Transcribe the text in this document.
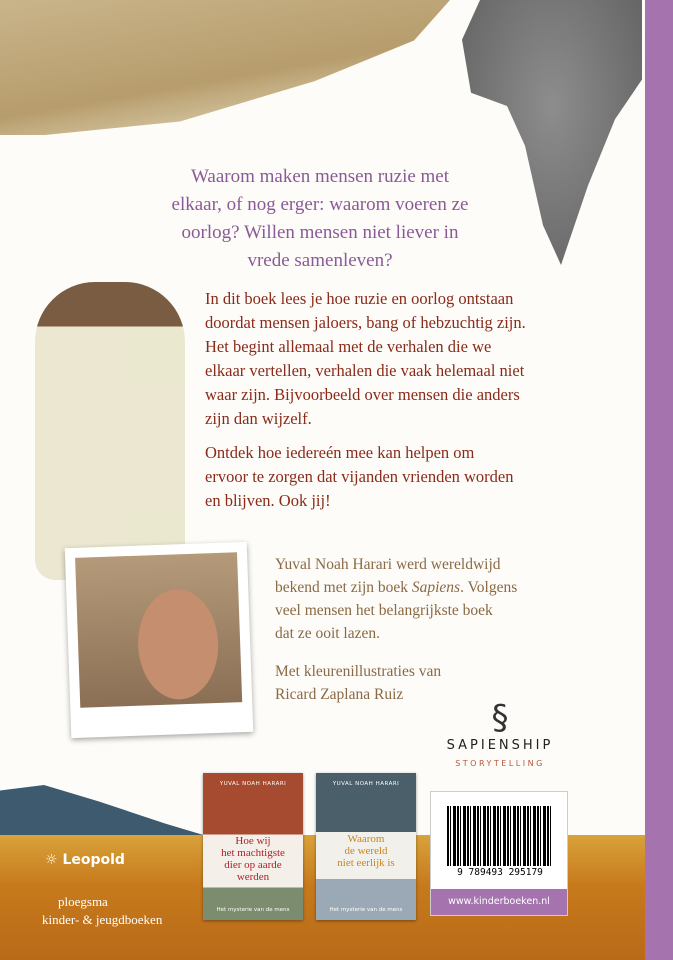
Waarom maken mensen ruzie met
elkaar, of nog erger: waarom voeren ze
oorlog? Willen mensen niet liever in
vrede samenleven?
In dit boek lees je hoe ruzie en oorlog ontstaan
doordat mensen jaloers, bang of hebzuchtig zijn.
Het begint allemaal met de verhalen die we
elkaar vertellen, verhalen die vaak helemaal niet
waar zijn. Bijvoorbeeld over mensen die anders
zijn dan wijzelf.
Ontdek hoe iedereén mee kan helpen om
ervoor te zorgen dat vijanden vrienden worden
en blijven. Ook jij!
Yuval Noah Harari werd wereldwijd
bekend met zijn boek Sapiens. Volgens
veel mensen het belangrijkste boek
dat ze ooit lazen.
Met kleurenillustraties van
Ricard Zaplana Ruiz
§
SAPIENSHIP
STORYTELLING
☼ Leopold
ploegsma
kinder- & jeugdboeken
YUVAL NOAH HARARI
Hoe wij
het machtigste
dier op aarde
werden
Het mysterie van de mens
YUVAL NOAH HARARI
Waarom
de wereld
niet eerlijk is
Het mysterie van de mens
9 789493 295179
www.kinderboeken.nl
